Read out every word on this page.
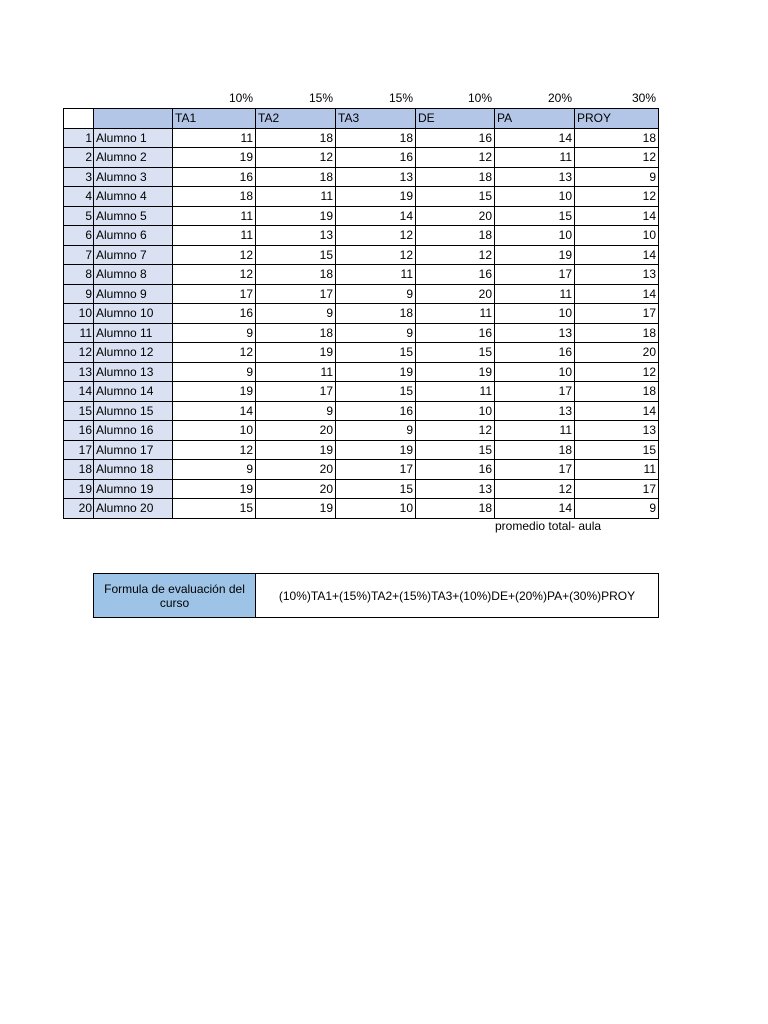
10%	15%	15%	10%	20%	30%
		TA1	TA2	TA3	DE	PA	PROY
1	Alumno 1	11	18	18	16	14	18
2	Alumno 2	19	12	16	12	11	12
3	Alumno 3	16	18	13	18	13	9
4	Alumno 4	18	11	19	15	10	12
5	Alumno 5	11	19	14	20	15	14
6	Alumno 6	11	13	12	18	10	10
7	Alumno 7	12	15	12	12	19	14
8	Alumno 8	12	18	11	16	17	13
9	Alumno 9	17	17	9	20	11	14
10	Alumno 10	16	9	18	11	10	17
11	Alumno 11	9	18	9	16	13	18
12	Alumno 12	12	19	15	15	16	20
13	Alumno 13	9	11	19	19	10	12
14	Alumno 14	19	17	15	11	17	18
15	Alumno 15	14	9	16	10	13	14
16	Alumno 16	10	20	9	12	11	13
17	Alumno 17	12	19	19	15	18	15
18	Alumno 18	9	20	17	16	17	11
19	Alumno 19	19	20	15	13	12	17
20	Alumno 20	15	19	10	18	14	9
promedio total- aula
Formula de evaluación del curso	(10%)TA1+(15%)TA2+(15%)TA3+(10%)DE+(20%)PA+(30%)PROY
